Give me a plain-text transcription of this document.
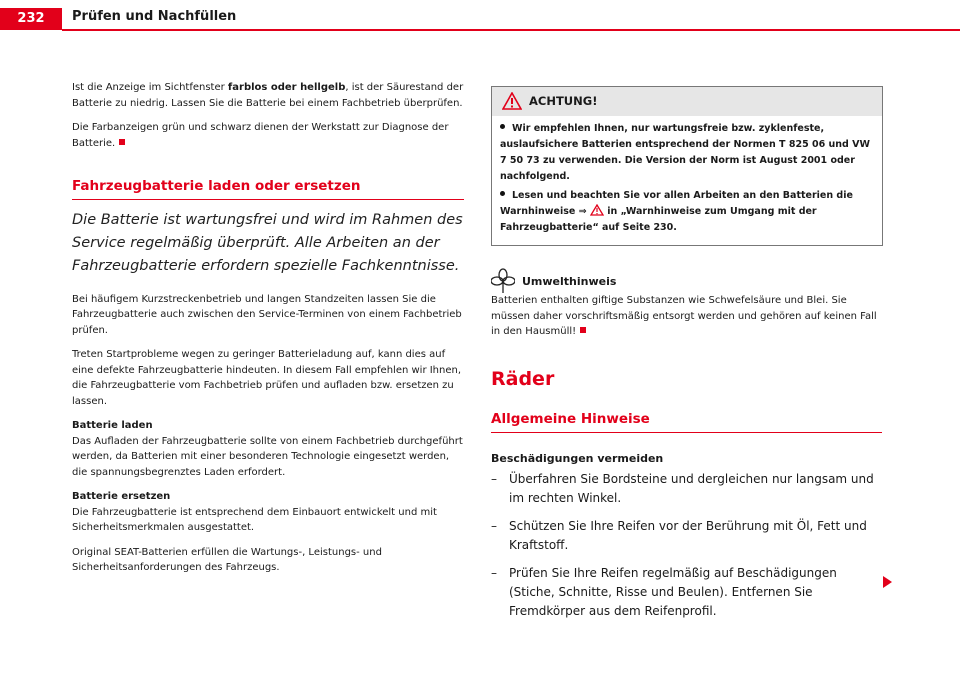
232	Prüfen und Nachfüllen

Ist die Anzeige im Sichtfenster farblos oder hellgelb, ist der Säurestand der Batterie zu niedrig. Lassen Sie die Batterie bei einem Fachbetrieb überprüfen.

Die Farbanzeigen grün und schwarz dienen der Werkstatt zur Diagnose der Batterie.

Fahrzeugbatterie laden oder ersetzen
Die Batterie ist wartungsfrei und wird im Rahmen des Service regelmäßig überprüft. Alle Arbeiten an der Fahrzeugbatterie erfordern spezielle Fachkenntnisse.

Bei häufigem Kurzstreckenbetrieb und langen Standzeiten lassen Sie die Fahrzeugbatterie auch zwischen den Service-Terminen von einem Fachbetrieb prüfen.

Treten Startprobleme wegen zu geringer Batterieladung auf, kann dies auf eine defekte Fahrzeugbatterie hindeuten. In diesem Fall empfehlen wir Ihnen, die Fahrzeugbatterie vom Fachbetrieb prüfen und aufladen bzw. ersetzen zu lassen.

Batterie laden

Das Aufladen der Fahrzeugbatterie sollte von einem Fachbetrieb durchgeführt werden, da Batterien mit einer besonderen Technologie eingesetzt werden, die spannungsbegrenztes Laden erfordert.

Batterie ersetzen

Die Fahrzeugbatterie ist entsprechend dem Einbauort entwickelt und mit Sicherheitsmerkmalen ausgestattet.

Original SEAT-Batterien erfüllen die Wartungs-, Leistungs- und Sicherheitsanforderungen des Fahrzeugs.

ACHTUNG!
Wir empfehlen Ihnen, nur wartungsfreie bzw. zyklenfeste, auslaufsichere Batterien entsprechend der Normen T 825 06 und VW 7 50 73 zu verwenden. Die Version der Norm ist August 2001 oder nachfolgend.
Lesen und beachten Sie vor allen Arbeiten an den Batterien die Warnhinweise ⇒  in „Warnhinweise zum Umgang mit der Fahrzeugbatterie“ auf Seite 230.
Umwelthinweis
Batterien enthalten giftige Substanzen wie Schwefelsäure und Blei. Sie müssen daher vorschriftsmäßig entsorgt werden und gehören auf keinen Fall in den Hausmüll!
Räder
Allgemeine Hinweise
Beschädigungen vermeiden
– Überfahren Sie Bordsteine und dergleichen nur langsam und im rechten Winkel.
– Schützen Sie Ihre Reifen vor der Berührung mit Öl, Fett und Kraftstoff.
– Prüfen Sie Ihre Reifen regelmäßig auf Beschädigungen (Stiche, Schnitte, Risse und Beulen). Entfernen Sie Fremdkörper aus dem Reifenprofil.
